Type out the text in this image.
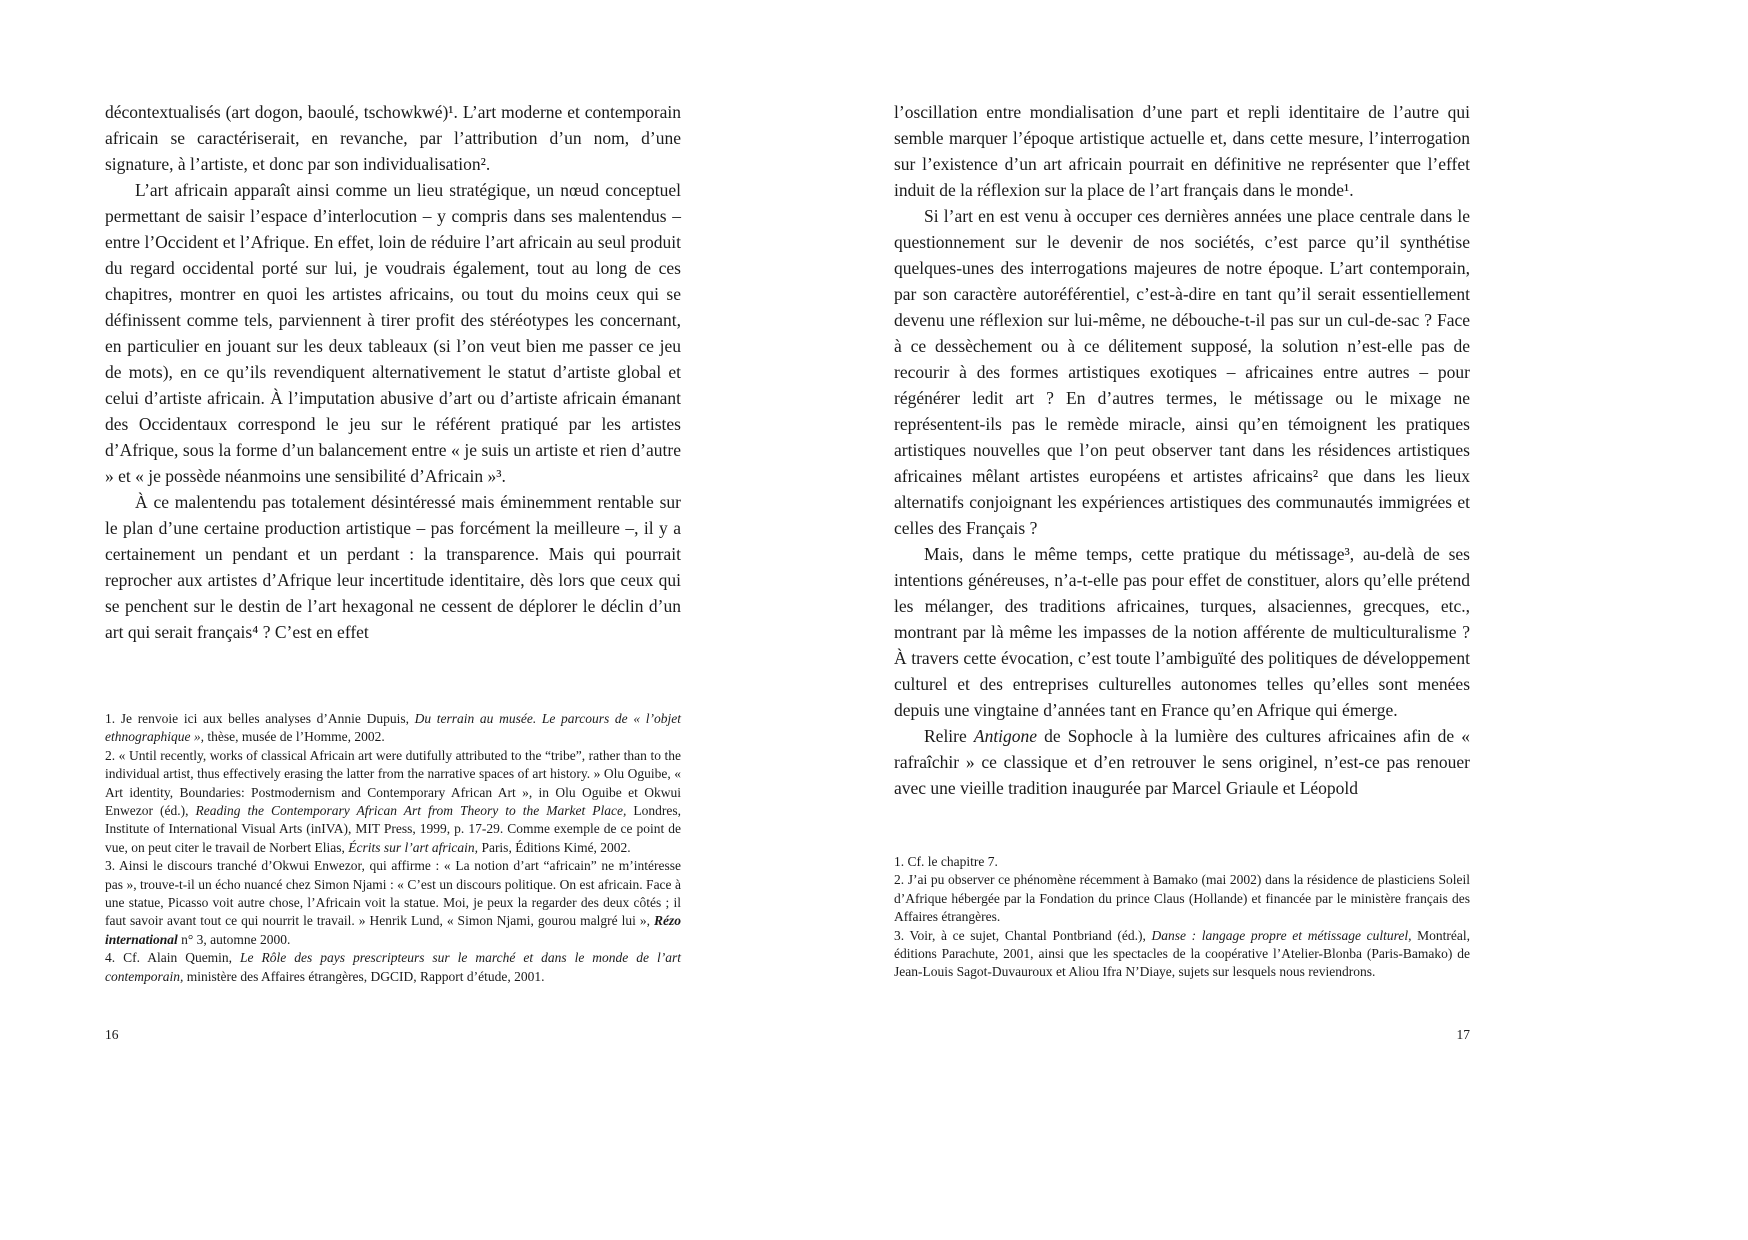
décontextualisés (art dogon, baoulé, tschowkwé)¹. L’art moderne et contemporain africain se caractériserait, en revanche, par l’attribution d’un nom, d’une signature, à l’artiste, et donc par son individualisation².

L’art africain apparaît ainsi comme un lieu stratégique, un nœud conceptuel permettant de saisir l’espace d’interlocution – y compris dans ses malentendus – entre l’Occident et l’Afrique. En effet, loin de réduire l’art africain au seul produit du regard occidental porté sur lui, je voudrais également, tout au long de ces chapitres, montrer en quoi les artistes africains, ou tout du moins ceux qui se définissent comme tels, parviennent à tirer profit des stéréotypes les concernant, en particulier en jouant sur les deux tableaux (si l’on veut bien me passer ce jeu de mots), en ce qu’ils revendiquent alternativement le statut d’artiste global et celui d’artiste africain. À l’imputation abusive d’art ou d’artiste africain émanant des Occidentaux correspond le jeu sur le référent pratiqué par les artistes d’Afrique, sous la forme d’un balancement entre « je suis un artiste et rien d’autre » et « je possède néanmoins une sensibilité d’Africain »³.

À ce malentendu pas totalement désintéressé mais éminemment rentable sur le plan d’une certaine production artistique – pas forcément la meilleure –, il y a certainement un pendant et un perdant : la transparence. Mais qui pourrait reprocher aux artistes d’Afrique leur incertitude identitaire, dès lors que ceux qui se penchent sur le destin de l’art hexagonal ne cessent de déplorer le déclin d’un art qui serait français⁴ ? C’est en effet

1. Je renvoie ici aux belles analyses d’Annie Dupuis, Du terrain au musée. Le parcours de « l’objet ethnographique », thèse, musée de l’Homme, 2002.

2. « Until recently, works of classical Africain art were dutifully attributed to the “tribe”, rather than to the individual artist, thus effectively erasing the latter from the narrative spaces of art history. » Olu Oguibe, « Art identity, Boundaries: Postmodernism and Contemporary African Art », in Olu Oguibe et Okwui Enwezor (éd.), Reading the Contemporary African Art from Theory to the Market Place, Londres, Institute of International Visual Arts (inIVA), MIT Press, 1999, p. 17-29. Comme exemple de ce point de vue, on peut citer le travail de Norbert Elias, Écrits sur l’art africain, Paris, Éditions Kimé, 2002.

3. Ainsi le discours tranché d’Okwui Enwezor, qui affirme : « La notion d’art “africain” ne m’intéresse pas », trouve-t-il un écho nuancé chez Simon Njami : « C’est un discours politique. On est africain. Face à une statue, Picasso voit autre chose, l’Africain voit la statue. Moi, je peux la regarder des deux côtés ; il faut savoir avant tout ce qui nourrit le travail. » Henrik Lund, « Simon Njami, gourou malgré lui », Rézo international n° 3, automne 2000.

4. Cf. Alain Quemin, Le Rôle des pays prescripteurs sur le marché et dans le monde de l’art contemporain, ministère des Affaires étrangères, DGCID, Rapport d’étude, 2001.

16

l’oscillation entre mondialisation d’une part et repli identitaire de l’autre qui semble marquer l’époque artistique actuelle et, dans cette mesure, l’interrogation sur l’existence d’un art africain pourrait en définitive ne représenter que l’effet induit de la réflexion sur la place de l’art français dans le monde¹.

Si l’art en est venu à occuper ces dernières années une place centrale dans le questionnement sur le devenir de nos sociétés, c’est parce qu’il synthétise quelques-unes des interrogations majeures de notre époque. L’art contemporain, par son caractère autoréférentiel, c’est-à-dire en tant qu’il serait essentiellement devenu une réflexion sur lui-même, ne débouche-t-il pas sur un cul-de-sac ? Face à ce dessèchement ou à ce délitement supposé, la solution n’est-elle pas de recourir à des formes artistiques exotiques – africaines entre autres – pour régénérer ledit art ? En d’autres termes, le métissage ou le mixage ne représentent-ils pas le remède miracle, ainsi qu’en témoignent les pratiques artistiques nouvelles que l’on peut observer tant dans les résidences artistiques africaines mêlant artistes européens et artistes africains² que dans les lieux alternatifs conjoignant les expériences artistiques des communautés immigrées et celles des Français ?

Mais, dans le même temps, cette pratique du métissage³, au-delà de ses intentions généreuses, n’a-t-elle pas pour effet de constituer, alors qu’elle prétend les mélanger, des traditions africaines, turques, alsaciennes, grecques, etc., montrant par là même les impasses de la notion afférente de multiculturalisme ? À travers cette évocation, c’est toute l’ambiguïté des politiques de développement culturel et des entreprises culturelles autonomes telles qu’elles sont menées depuis une vingtaine d’années tant en France qu’en Afrique qui émerge.

Relire Antigone de Sophocle à la lumière des cultures africaines afin de « rafraîchir » ce classique et d’en retrouver le sens originel, n’est-ce pas renouer avec une vieille tradition inaugurée par Marcel Griaule et Léopold

1. Cf. le chapitre 7.

2. J’ai pu observer ce phénomène récemment à Bamako (mai 2002) dans la résidence de plasticiens Soleil d’Afrique hébergée par la Fondation du prince Claus (Hollande) et financée par le ministère français des Affaires étrangères.

3. Voir, à ce sujet, Chantal Pontbriand (éd.), Danse : langage propre et métissage culturel, Montréal, éditions Parachute, 2001, ainsi que les spectacles de la coopérative l’Atelier-Blonba (Paris-Bamako) de Jean-Louis Sagot-Duvauroux et Aliou Ifra N’Diaye, sujets sur lesquels nous reviendrons.

17
